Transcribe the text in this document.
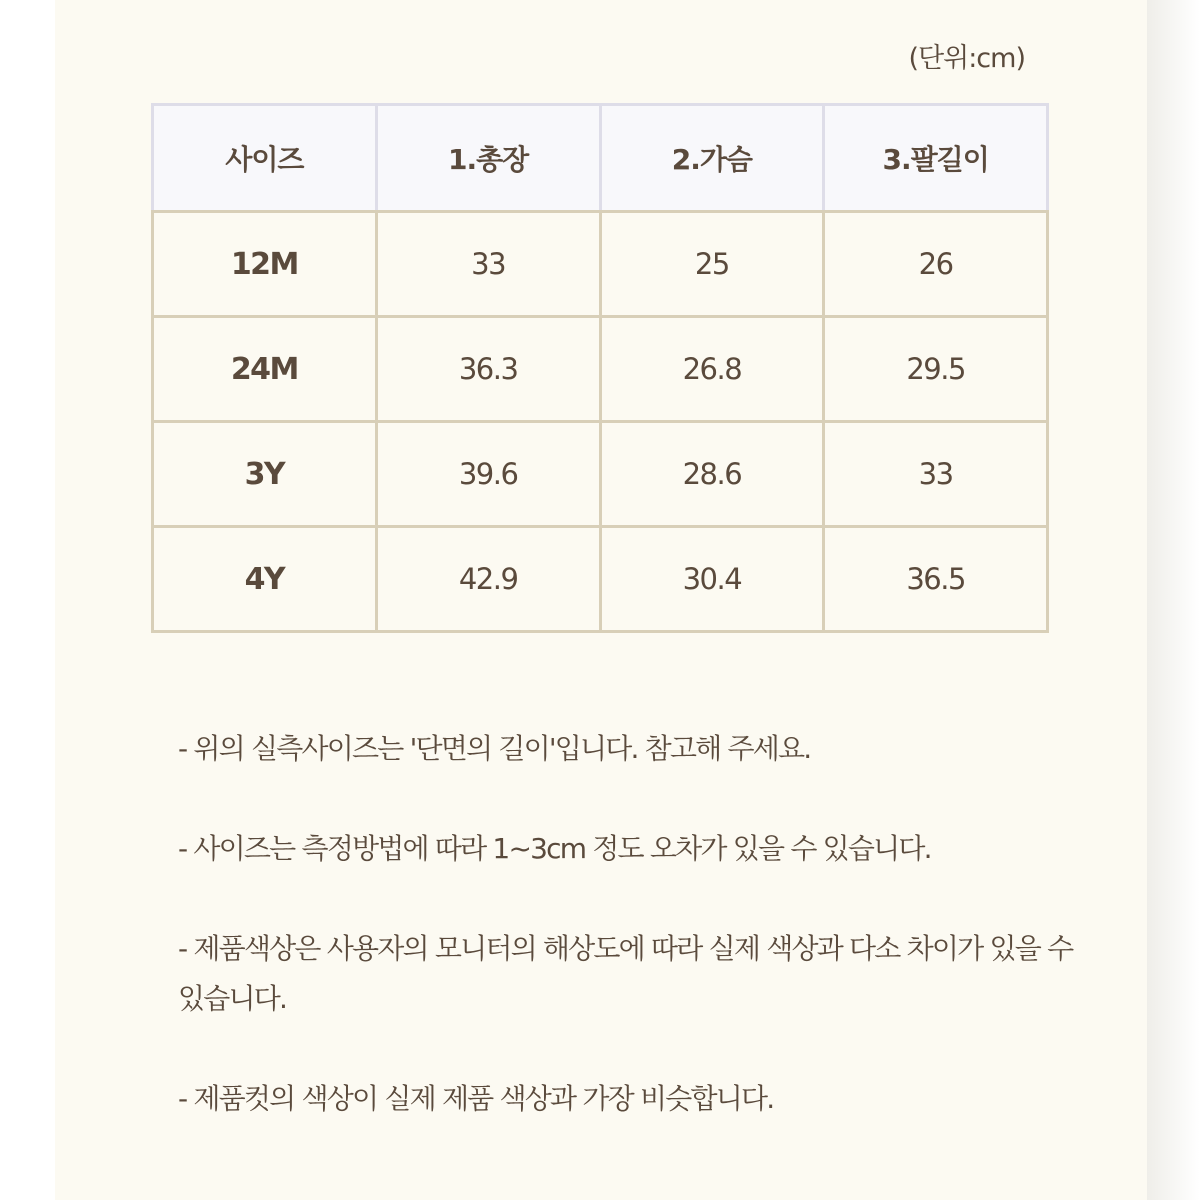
(단위:cm)
사이즈	1.총장	2.가슴	3.팔길이
12M	33	25	26
24M	36.3	26.8	29.5
3Y	39.6	28.6	33
4Y	42.9	30.4	36.5

- 위의 실측사이즈는 '단면의 길이'입니다. 참고해 주세요.

- 사이즈는 측정방법에 따라 1~3cm 정도 오차가 있을 수 있습니다.

- 제품색상은 사용자의 모니터의 해상도에 따라 실제 색상과 다소 차이가 있을 수 있습니다.

- 제품컷의 색상이 실제 제품 색상과 가장 비슷합니다.
